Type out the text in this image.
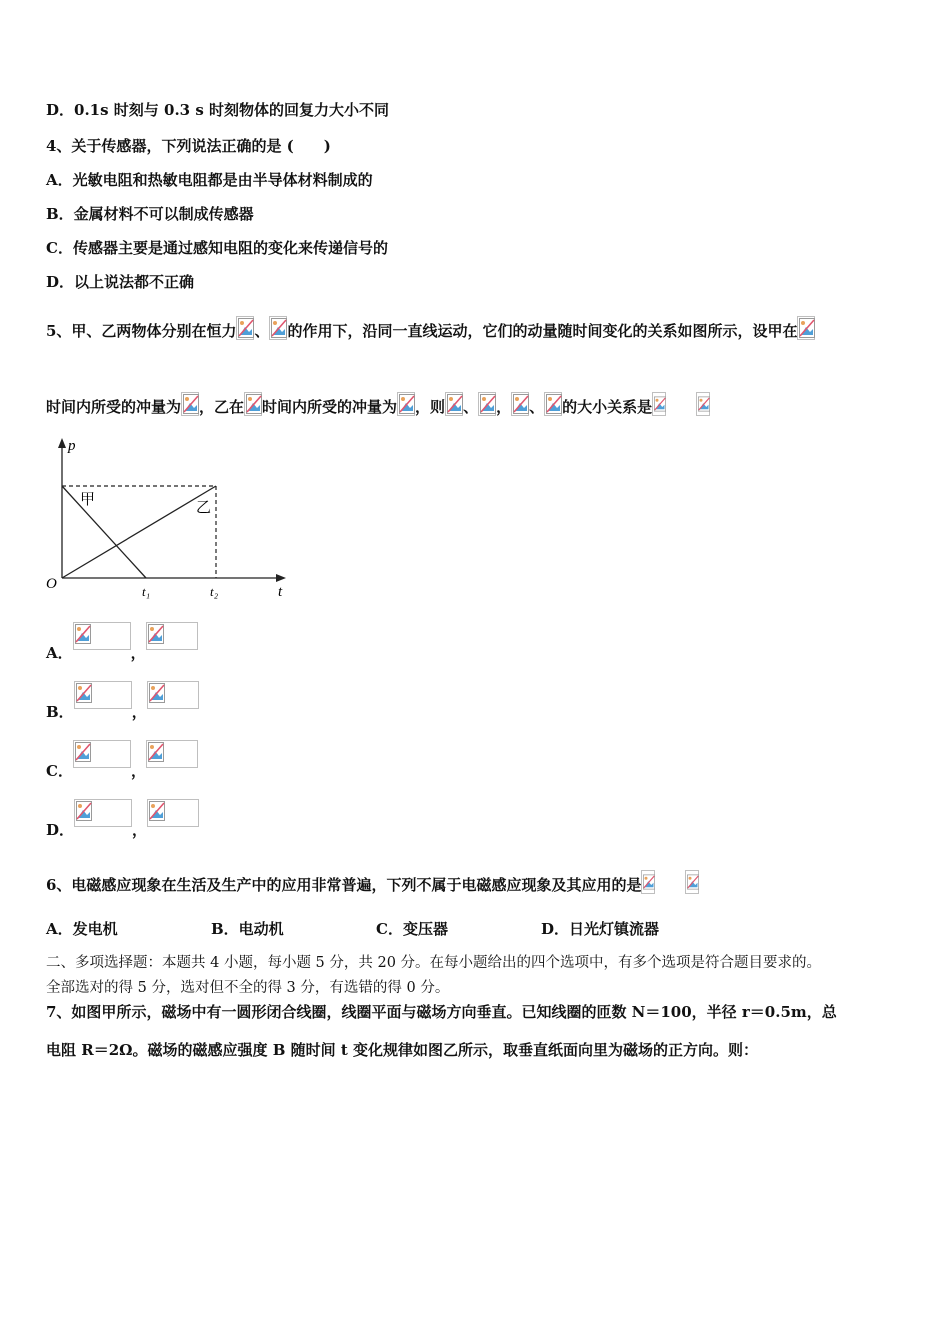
D．0.1s 时刻与 0.3 s 时刻物体的回复力大小不同
4、关于传感器，下列说法正确的是 (　　)
A．光敏电阻和热敏电阻都是由半导体材料制成的
B．金属材料不可以制成传感器
C．传感器主要是通过感知电阻的变化来传递信号的
D．以上说法都不正确
5、甲、乙两物体分别在恒力 、 的作用下，沿同一直线运动，它们的动量随时间变化的关系如图所示，设甲在
时间内所受的冲量为 ，乙在 时间内所受的冲量为 ，则 、 ， 、 的大小关系是
p
t
O
甲	乙
t₁	t₂
A．	，
B．	，
C．	，
D．	，
6、电磁感应现象在生活及生产中的应用非常普遍，下列不属于电磁感应现象及其应用的是
A．发电机	B．电动机	C．变压器	D．日光灯镇流器
二、多项选择题：本题共 4 小题，每小题 5 分，共 20 分。在每小题给出的四个选项中，有多个选项是符合题目要求的。
全部选对的得 5 分，选对但不全的得 3 分，有选错的得 0 分。
7、如图甲所示，磁场中有一圆形闭合线圈，线圈平面与磁场方向垂直。已知线圈的匝数 N＝100，半径 r＝0.5m，总
电阻 R＝2Ω。磁场的磁感应强度 B 随时间 t 变化规律如图乙所示，取垂直纸面向里为磁场的正方向。则：
